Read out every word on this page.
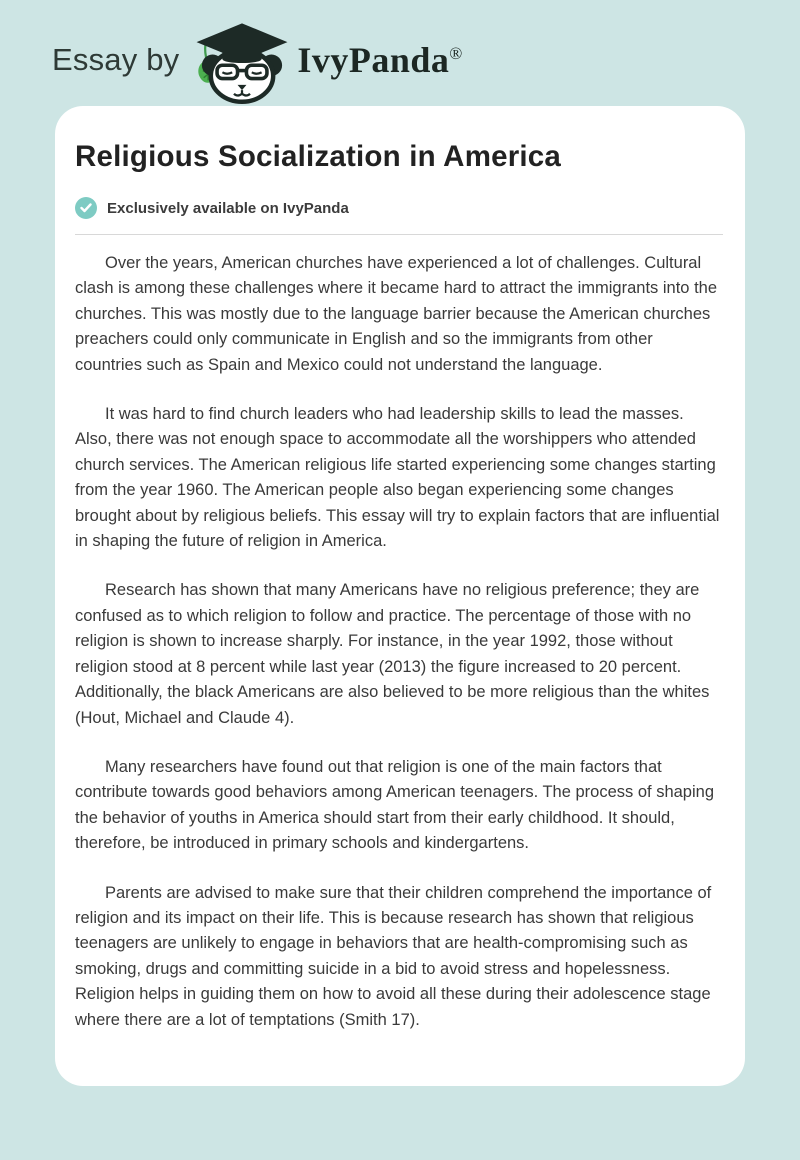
Essay by	IvyPanda®
Religious Socialization in America
Exclusively available on IvyPanda

Over the years, American churches have experienced a lot of challenges. Cultural clash is among these challenges where it became hard to attract the immigrants into the churches. This was mostly due to the language barrier because the American churches preachers could only communicate in English and so the immigrants from other countries such as Spain and Mexico could not understand the language.

It was hard to find church leaders who had leadership skills to lead the masses. Also, there was not enough space to accommodate all the worshippers who attended church services. The American religious life started experiencing some changes starting from the year 1960. The American people also began experiencing some changes brought about by religious beliefs. This essay will try to explain factors that are influential in shaping the future of religion in America.

Research has shown that many Americans have no religious preference; they are confused as to which religion to follow and practice. The percentage of those with no religion is shown to increase sharply. For instance, in the year 1992, those without religion stood at 8 percent while last year (2013) the figure increased to 20 percent. Additionally, the black Americans are also believed to be more religious than the whites (Hout, Michael and Claude 4).

Many researchers have found out that religion is one of the main factors that contribute towards good behaviors among American teenagers. The process of shaping the behavior of youths in America should start from their early childhood. It should, therefore, be introduced in primary schools and kindergartens.

Parents are advised to make sure that their children comprehend the importance of religion and its impact on their life. This is because research has shown that religious teenagers are unlikely to engage in behaviors that are health-compromising such as smoking, drugs and committing suicide in a bid to avoid stress and hopelessness. Religion helps in guiding them on how to avoid all these during their adolescence stage where there are a lot of temptations (Smith 17).
